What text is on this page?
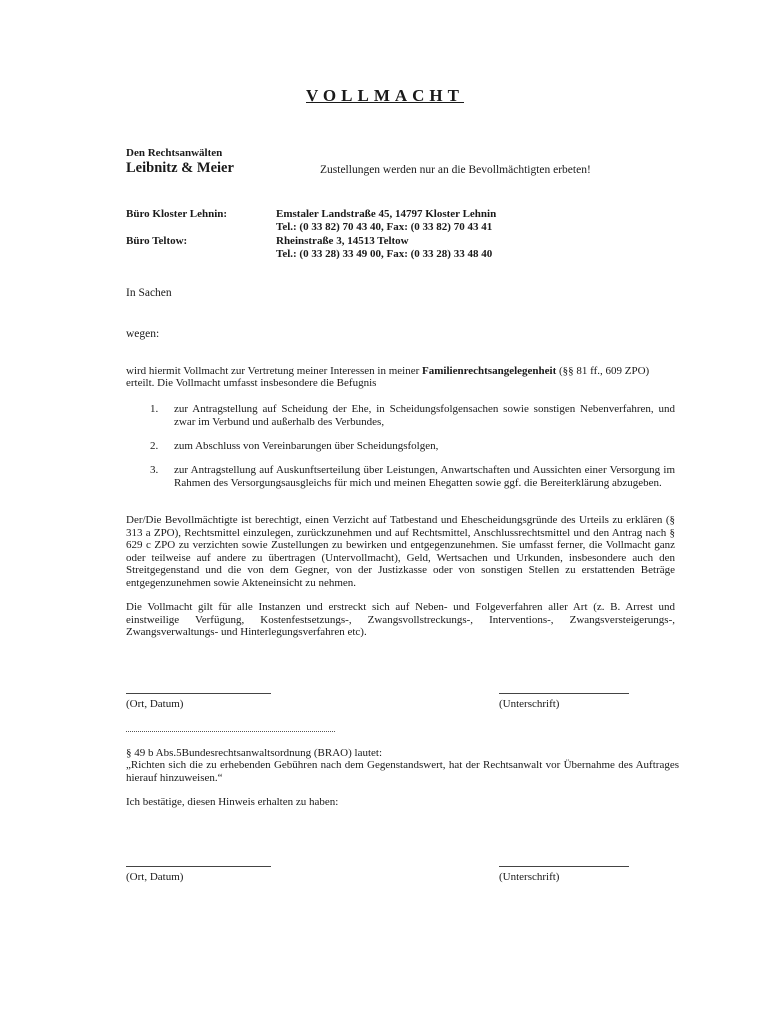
VOLLMACHT
Den Rechtsanwälten
Leibnitz & Meier	Zustellungen werden nur an die Bevollmächtigten erbeten!
Büro Kloster Lehnin:	Emstaler Landstraße 45, 14797 Kloster Lehnin
Tel.: (0 33 82) 70 43 40, Fax: (0 33 82) 70 43 41
Büro Teltow:	Rheinstraße 3, 14513 Teltow
Tel.: (0 33 28) 33 49 00, Fax: (0 33 28) 33 48 40
In Sachen
wegen:
wird hiermit Vollmacht zur Vertretung meiner Interessen in meiner Familienrechtsangelegenheit (§§ 81 ff., 609 ZPO)
erteilt. Die Vollmacht umfasst insbesondere die Befugnis
1. zur Antragstellung auf Scheidung der Ehe, in Scheidungsfolgensachen sowie sonstigen Nebenverfahren, und zwar im Verbund und außerhalb des Verbundes,
2. zum Abschluss von Vereinbarungen über Scheidungsfolgen,
3. zur Antragstellung auf Auskunftserteilung über Leistungen, Anwartschaften und Aussichten einer Versorgung im Rahmen des Versorgungsausgleichs für mich und meinen Ehegatten sowie ggf. die Bereiterklärung abzugeben.
Der/Die Bevollmächtigte ist berechtigt, einen Verzicht auf Tatbestand und Ehescheidungsgründe des Urteils zu erklären (§ 313 a ZPO), Rechtsmittel einzulegen, zurückzunehmen und auf Rechtsmittel, Anschlussrechtsmittel und den Antrag nach § 629 c ZPO zu verzichten sowie Zustellungen zu bewirken und entgegenzunehmen. Sie umfasst ferner, die Vollmacht ganz oder teilweise auf andere zu übertragen (Untervollmacht), Geld, Wertsachen und Urkunden, insbesondere auch den Streitgegenstand und die von dem Gegner, von der Justizkasse oder von sonstigen Stellen zu erstattenden Beträge entgegenzunehmen sowie Akteneinsicht zu nehmen.
Die Vollmacht gilt für alle Instanzen und erstreckt sich auf Neben- und Folgeverfahren aller Art (z. B. Arrest und einstweilige Verfügung, Kostenfestsetzungs-, Zwangsvollstreckungs-, Interventions-, Zwangsversteigerungs-, Zwangsverwaltungs- und Hinterlegungsverfahren etc).
(Ort, Datum)	(Unterschrift)
§ 49 b Abs.5Bundesrechtsanwaltsordnung (BRAO) lautet:
„Richten sich die zu erhebenden Gebühren nach dem Gegenstandswert, hat der Rechtsanwalt vor Übernahme des Auftrages hierauf hinzuweisen.“
Ich bestätige, diesen Hinweis erhalten zu haben:
(Ort, Datum)	(Unterschrift)
